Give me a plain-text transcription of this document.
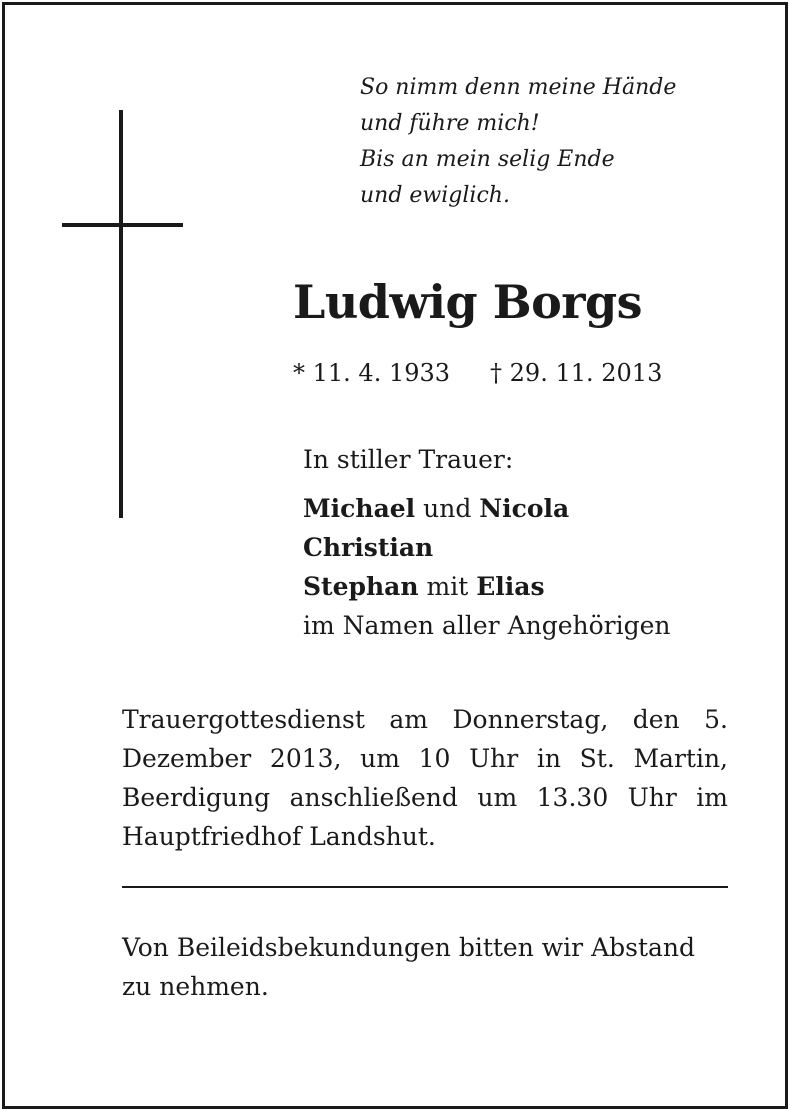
So nimm denn meine Hände
und führe mich!
Bis an mein selig Ende
und ewiglich.
Ludwig Borgs
* 11. 4. 1933 † 29. 11. 2013
In stiller Trauer:
Michael und Nicola
Christian
Stephan mit Elias
im Namen aller Angehörigen
Trauergottesdienst am Donnerstag, den 5. Dezember 2013, um 10 Uhr in St. Martin, Beerdigung anschließend um 13.30 Uhr im Hauptfriedhof Landshut.
Von Beileidsbekundungen bitten wir Abstand zu nehmen.
